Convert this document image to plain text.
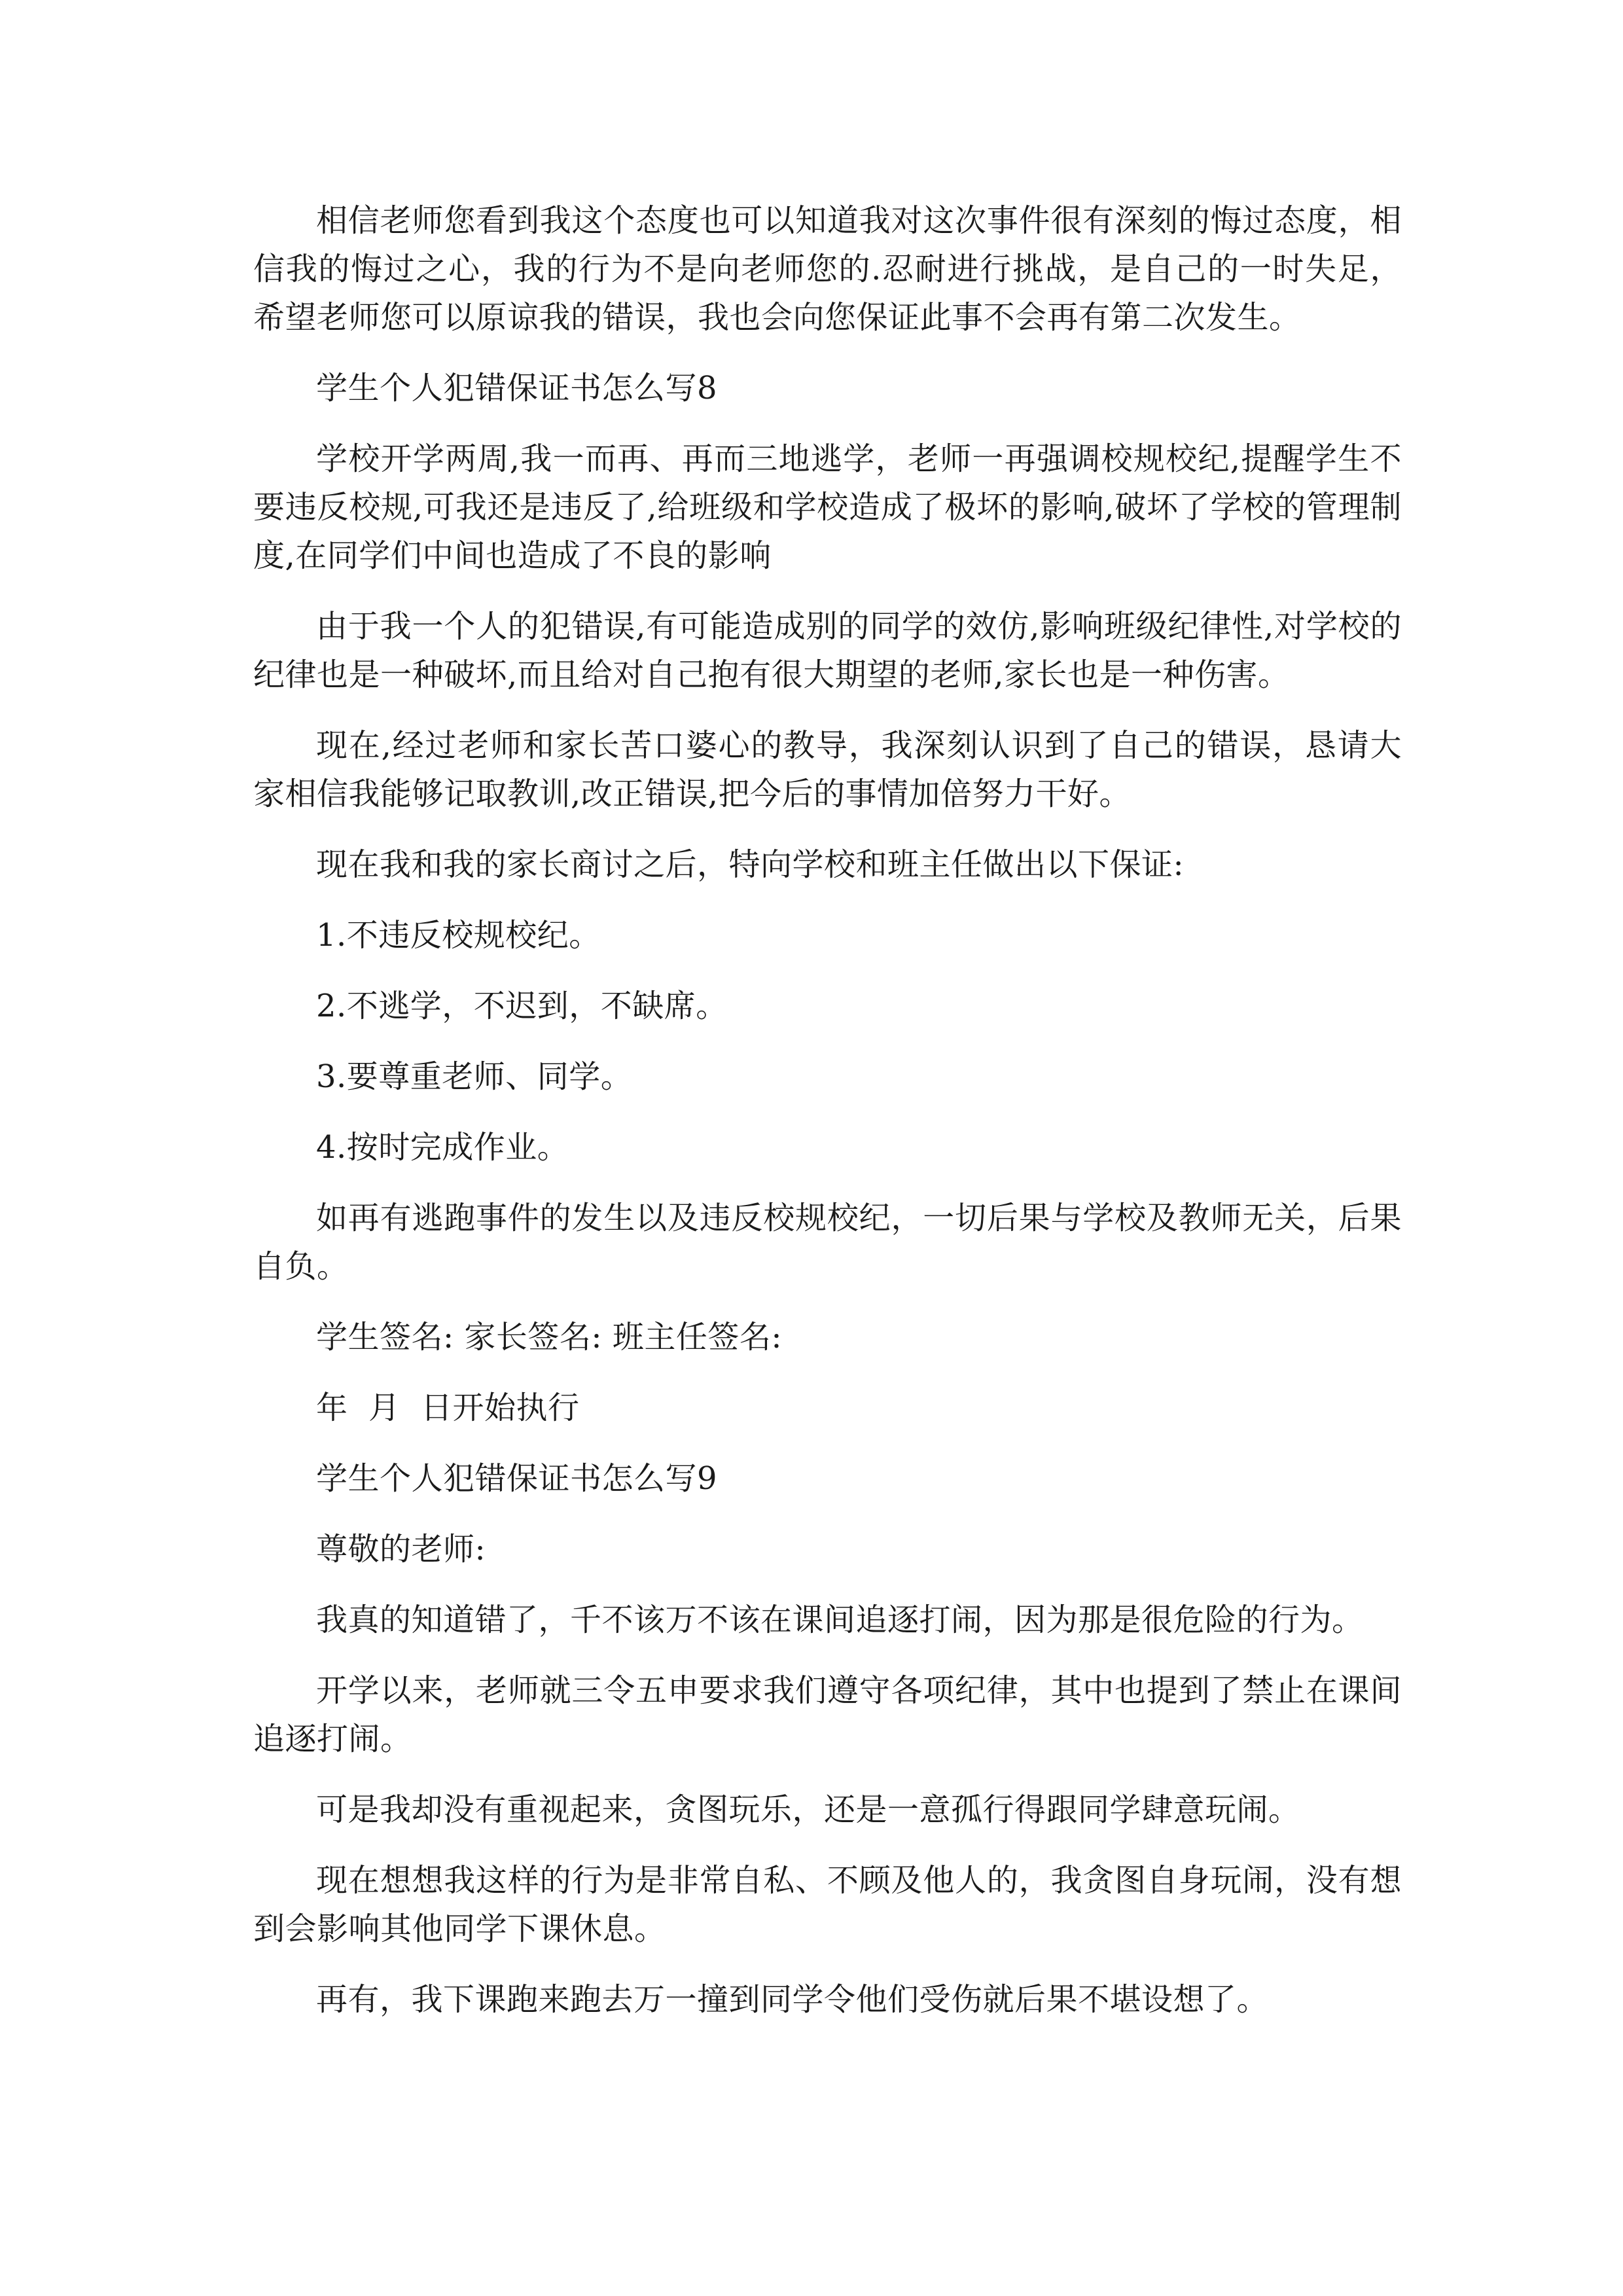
相信老师您看到我这个态度也可以知道我对这次事件很有深刻的悔过态度，相信我的悔过之心，我的行为不是向老师您的.忍耐进行挑战，是自己的一时失足，希望老师您可以原谅我的错误，我也会向您保证此事不会再有第二次发生。

学生个人犯错保证书怎么写8

学校开学两周,我一而再、再而三地逃学，老师一再强调校规校纪,提醒学生不要违反校规,可我还是违反了,给班级和学校造成了极坏的影响,破坏了学校的管理制度,在同学们中间也造成了不良的影响

由于我一个人的犯错误,有可能造成别的同学的效仿,影响班级纪律性,对学校的纪律也是一种破坏,而且给对自己抱有很大期望的老师,家长也是一种伤害。

现在,经过老师和家长苦口婆心的教导，我深刻认识到了自己的错误，恳请大家相信我能够记取教训,改正错误,把今后的事情加倍努力干好。

现在我和我的家长商讨之后，特向学校和班主任做出以下保证:

1.不违反校规校纪。

2.不逃学，不迟到，不缺席。

3.要尊重老师、同学。

4.按时完成作业。

如再有逃跑事件的发生以及违反校规校纪，一切后果与学校及教师无关，后果自负。

学生签名: 家长签名: 班主任签名:

年  月  日开始执行

学生个人犯错保证书怎么写9

尊敬的老师:

我真的知道错了，千不该万不该在课间追逐打闹，因为那是很危险的行为。

开学以来，老师就三令五申要求我们遵守各项纪律，其中也提到了禁止在课间追逐打闹。

可是我却没有重视起来，贪图玩乐，还是一意孤行得跟同学肆意玩闹。

现在想想我这样的行为是非常自私、不顾及他人的，我贪图自身玩闹，没有想到会影响其他同学下课休息。

再有，我下课跑来跑去万一撞到同学令他们受伤就后果不堪设想了。
